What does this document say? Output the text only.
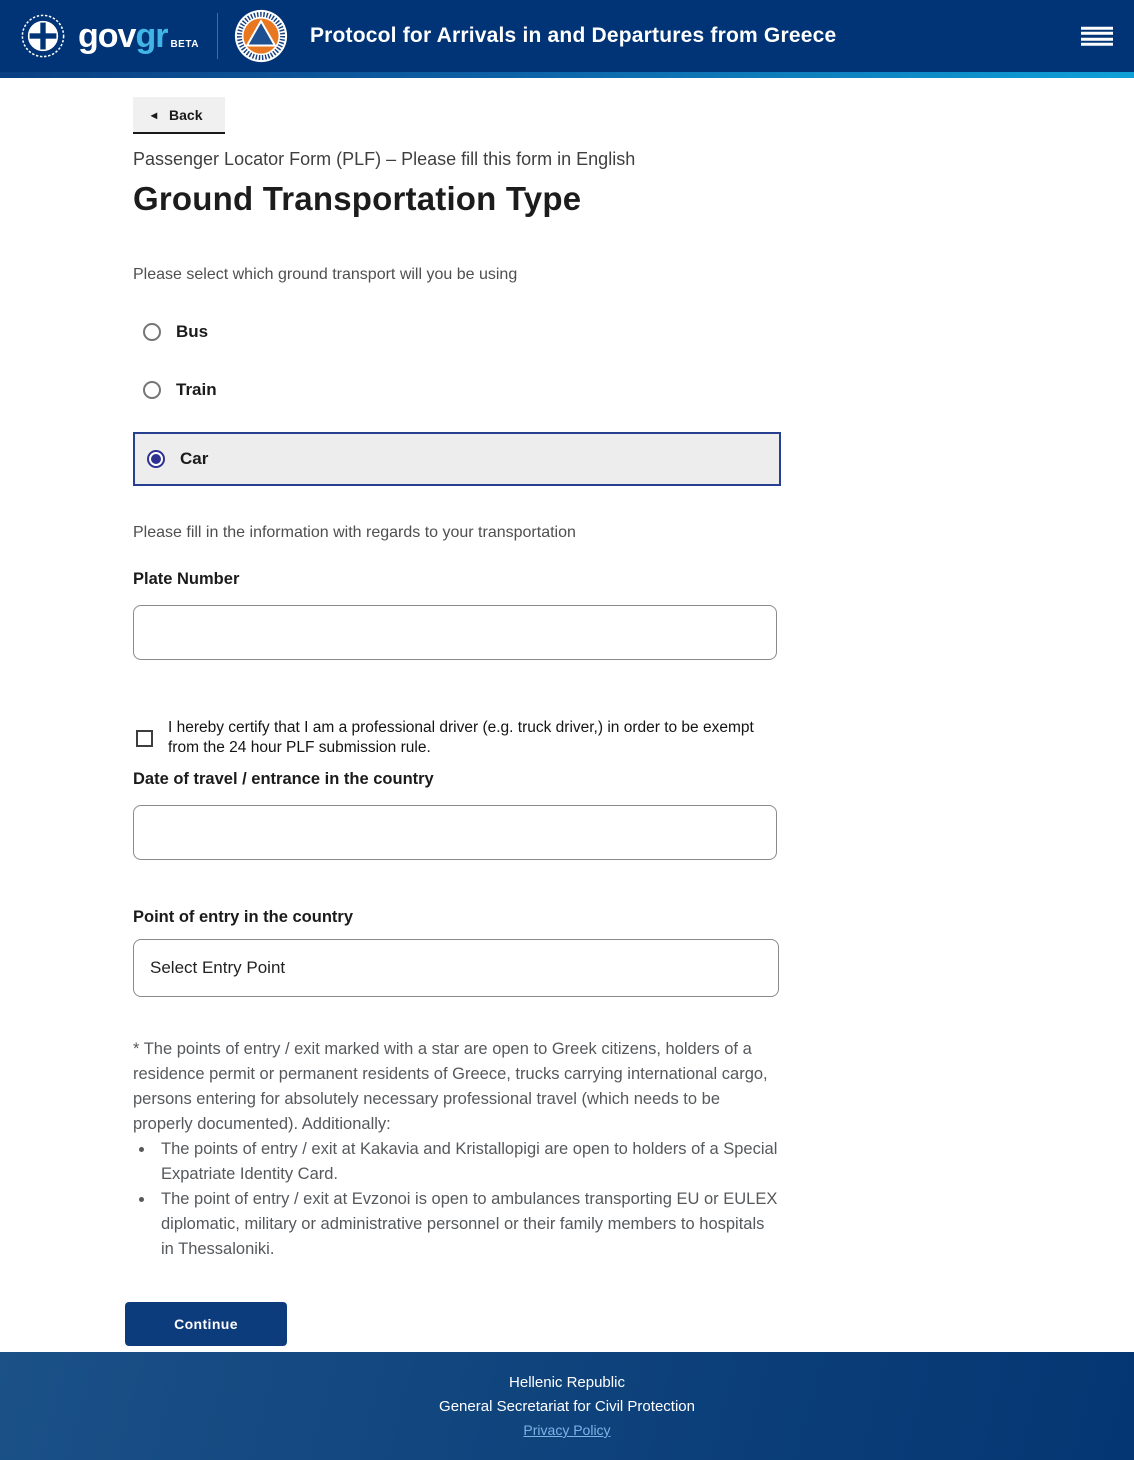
gov gr BETA	Protocol for Arrivals in and Departures from Greece
◂ Back

Passenger Locator Form (PLF) – Please fill this form in English

Ground Transportation Type

Please select which ground transport will you be using

Bus
Train
Car

Please fill in the information with regards to your transportation

Plate Number
I hereby certify that I am a professional driver (e.g. truck driver,) in order to be exempt from the 24 hour PLF submission rule.
Date of travel / entrance in the country
Point of entry in the country
Select Entry Point

* The points of entry / exit marked with a star are open to Greek citizens, holders of a residence permit or permanent residents of Greece, trucks carrying international cargo, persons entering for absolutely necessary professional travel (which needs to be properly documented). Additionally:

• The points of entry / exit at Kakavia and Kristallopigi are open to holders of a Special Expatriate Identity Card.
• The point of entry / exit at Evzonoi is open to ambulances transporting EU or EULEX diplomatic, military or administrative personnel or their family members to hospitals in Thessaloniki.
Continue
Hellenic Republic
General Secretariat for Civil Protection
Privacy Policy
